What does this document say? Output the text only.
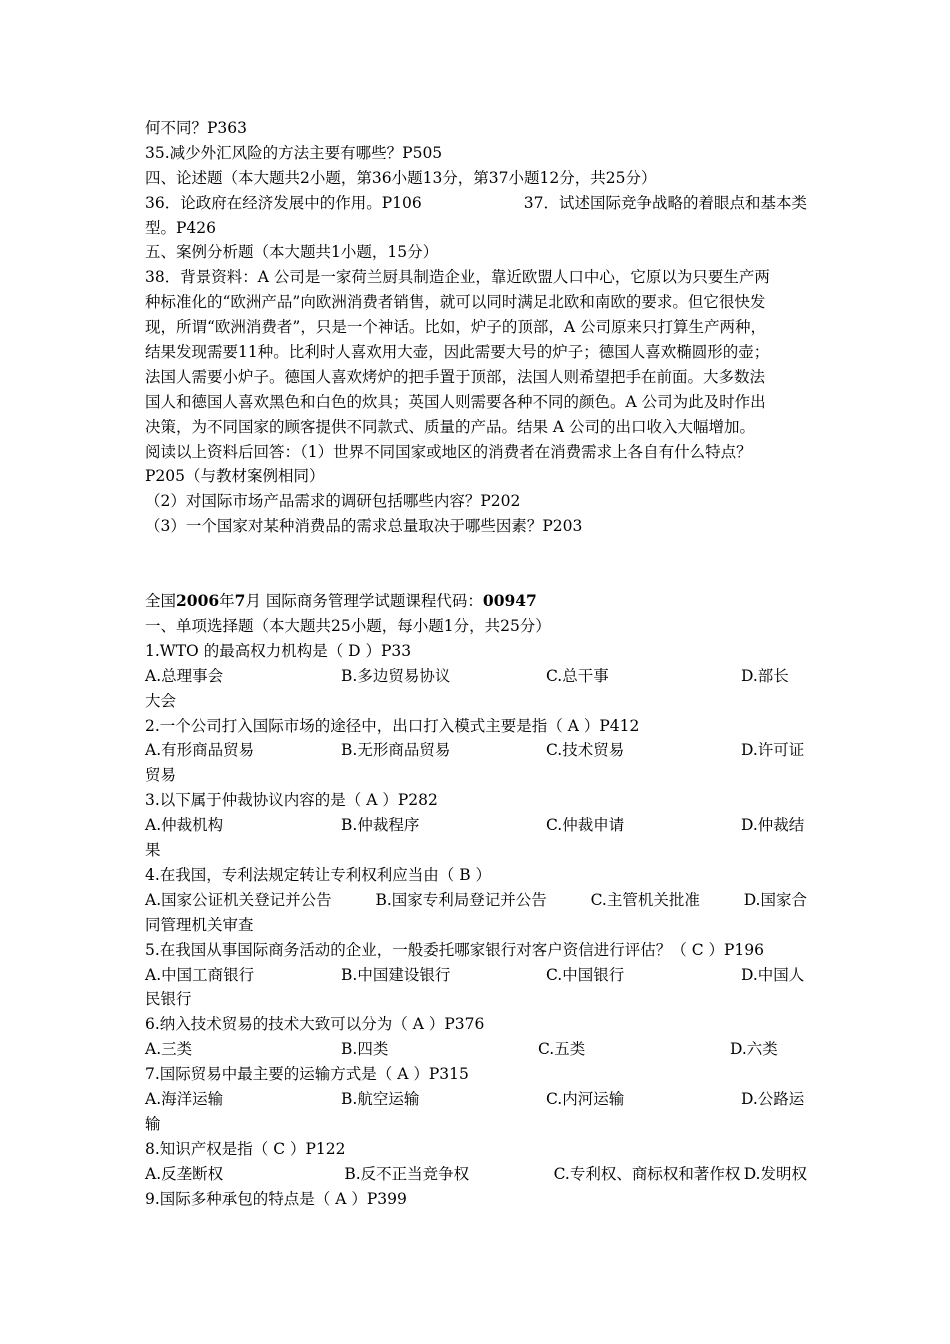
何不同？P363
35.减少外汇风险的方法主要有哪些？P505
四、论述题（本大题共2小题，第36小题13分，第37小题12分，共25分）
36．论政府在经济发展中的作用。P106	37．试述国际竞争战略的着眼点和基本类
型。P426
五、案例分析题（本大题共1小题，15分）
38．背景资料：A 公司是一家荷兰厨具制造企业，靠近欧盟人口中心，它原以为只要生产两
种标准化的“欧洲产品”向欧洲消费者销售，就可以同时满足北欧和南欧的要求。但它很快发
现，所谓“欧洲消费者”，只是一个神话。比如，炉子的顶部，A 公司原来只打算生产两种，
结果发现需要11种。比利时人喜欢用大壶，因此需要大号的炉子；德国人喜欢椭圆形的壶；
法国人需要小炉子。德国人喜欢烤炉的把手置于顶部，法国人则希望把手在前面。大多数法
国人和德国人喜欢黑色和白色的炊具；英国人则需要各种不同的颜色。A 公司为此及时作出
决策，为不同国家的顾客提供不同款式、质量的产品。结果 A 公司的出口收入大幅增加。
阅读以上资料后回答：（1）世界不同国家或地区的消费者在消费需求上各自有什么特点？
P205（与教材案例相同）
（2）对国际市场产品需求的调研包括哪些内容？P202
（3）一个国家对某种消费品的需求总量取决于哪些因素？P203
全国2006年7月 国际商务管理学试题课程代码：00947
一、单项选择题（本大题共25小题，每小题1分，共25分）
1.WTO 的最高权力机构是（ D ）P33
A.总理事会	B.多边贸易协议	C.总干事	D.部长
大会
2.一个公司打入国际市场的途径中，出口打入模式主要是指（ A ）P412
A.有形商品贸易	B.无形商品贸易	C.技术贸易	D.许可证
贸易
3.以下属于仲裁协议内容的是（ A ）P282
A.仲裁机构	B.仲裁程序	C.仲裁申请	D.仲裁结
果
4.在我国，专利法规定转让专利权利应当由（ B ）
A.国家公证机关登记并公告	B.国家专利局登记并公告	C.主管机关批准	D.国家合
同管理机关审查
5.在我国从事国际商务活动的企业，一般委托哪家银行对客户资信进行评估？（ C ）P196
A.中国工商银行	B.中国建设银行	C.中国银行	D.中国人
民银行
6.纳入技术贸易的技术大致可以分为（ A ）P376
A.三类	B.四类	C.五类	D.六类
7.国际贸易中最主要的运输方式是（ A ）P315
A.海洋运输	B.航空运输	C.内河运输	D.公路运
输
8.知识产权是指（ C ）P122
A.反垄断权	B.反不正当竞争权	C.专利权、商标权和著作权 D.发明权
9.国际多种承包的特点是（ A ）P399
